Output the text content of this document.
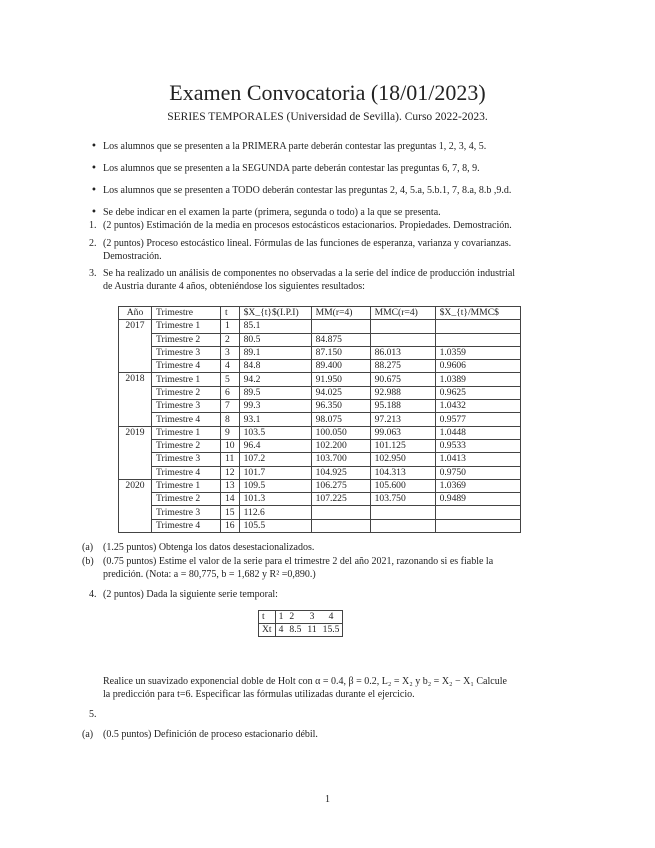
Examen Convocatoria (18/01/2023)
SERIES TEMPORALES (Universidad de Sevilla). Curso 2022-2023.
• Los alumnos que se presenten a la PRIMERA parte deberán contestar las preguntas 1, 2, 3, 4, 5.
• Los alumnos que se presenten a la SEGUNDA parte deberán contestar las preguntas 6, 7, 8, 9.
• Los alumnos que se presenten a TODO deberán contestar las preguntas 2, 4, 5.a, 5.b.1, 7, 8.a, 8.b ,9.d.
• Se debe indicar en el examen la parte (primera, segunda o todo) a la que se presenta.
1. (2 puntos) Estimación de la media en procesos estocásticos estacionarios. Propiedades. Demostración.
2. (2 puntos) Proceso estocástico lineal. Fórmulas de las funciones de esperanza, varianza y covarianzas.
Demostración.
3. Se ha realizado un análisis de componentes no observadas a la serie del índice de producción industrial
de Austria durante 4 años, obteniéndose los siguientes resultados:
Año	Trimestre	t	$X_{t}$(I.P.I)	MM(r=4)	MMC(r=4)	$X_{t}/MMC$
2017	Trimestre 1	1	85.1			
	Trimestre 2	2	80.5	84.875		
	Trimestre 3	3	89.1	87.150	86.013	1.0359
	Trimestre 4	4	84.8	89.400	88.275	0.9606
2018	Trimestre 1	5	94.2	91.950	90.675	1.0389
	Trimestre 2	6	89.5	94.025	92.988	0.9625
	Trimestre 3	7	99.3	96.350	95.188	1.0432
	Trimestre 4	8	93.1	98.075	97.213	0.9577
2019	Trimestre 1	9	103.5	100.050	99.063	1.0448
	Trimestre 2	10	96.4	102.200	101.125	0.9533
	Trimestre 3	11	107.2	103.700	102.950	1.0413
	Trimestre 4	12	101.7	104.925	104.313	0.9750
2020	Trimestre 1	13	109.5	106.275	105.600	1.0369
	Trimestre 2	14	101.3	107.225	103.750	0.9489
	Trimestre 3	15	112.6			
	Trimestre 4	16	105.5			
(a) (1.25 puntos) Obtenga los datos desestacionalizados.
(b) (0.75 puntos) Estime el valor de la serie para el trimestre 2 del año 2021, razonando si es fiable la
predición. (Nota: a = 80,775, b = 1,682 y R² =0,890.)
4. (2 puntos) Dada la siguiente serie temporal:
t	1	2	3	4
Xt	4	8.5	11	15.5
Realice un suavizado exponencial doble de Holt con α = 0.4, β = 0.2, L₂ = X₂ y b₂ = X₂ − X₁ Calcule
la predicción para t=6. Especificar las fórmulas utilizadas durante el ejercicio.
5.
(a) (0.5 puntos) Definición de proceso estacionario débil.
1
